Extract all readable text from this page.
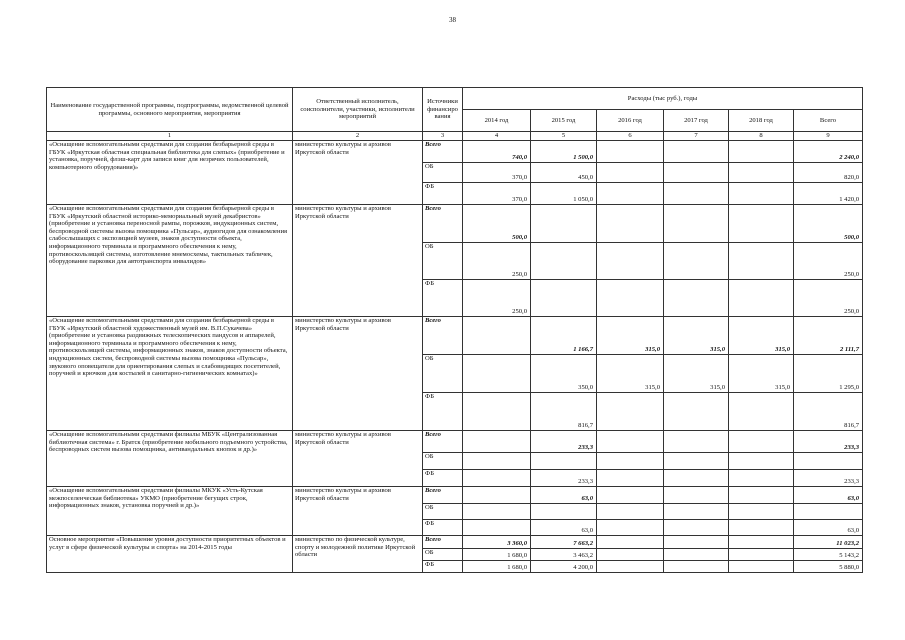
38
Наименование государственной программы, подпрограммы, ведомственной целевой программы, основного мероприятия, мероприятия	Ответственный исполнитель, соисполнители, участники, исполнители мероприятий	Источники финансиро вания	Расходы (тыс руб.), годы					
			2014 год	2015 год	2016 год	2017 год	2018 год	Всего
1	2	3	4	5	6	7	8	9
«Оснащение вспомогательными средствами для создания безбарьерной среды в ГБУК «Иркутская областная специальная библиотека для слепых» (приобретение и установка, поручней, флэш-карт для записи книг для незрячих пользователей, компьютерного оборудования)»	министерство культуры и архивов Иркутской области	Всего	740,0	1 500,0				2 240,0
		ОБ	370,0	450,0				820,0
		ФБ	370,0	1 050,0				1 420,0
«Оснащение вспомогательными средствами для создания безбарьерной среды в ГБУК «Иркутский областной историко-мемориальный музей декабристов» (приобретение и установка переносной рампы, порожков, индукционных систем, беспроводной системы вызова помощника «Пульсар», аудиогидов для ознакомления слабослышащих с экспозицией музеев, знаков доступности объекта, информационного терминала и программного обеспечения к нему, противоскользящей системы, изготовление мнемосхемы, тактильных табличек, оборудование парковки для автотранспорта инвалидов»	министерство культуры и архивов Иркутской области	Всего	500,0					500,0
		ОБ	250,0					250,0
		ФБ	250,0					250,0
«Оснащение вспомогательными средствами для создания безбарьерной среды в ГБУК «Иркутский областной художественный музей им. В.П.Сукачева» (приобретение и установка раздвижных телескопических пандусов и аппарелей, информационного терминала и программного обеспечения к нему, противоскользящей системы, информационных знаков, знаков доступности объекта, индукционных систем, беспроводной системы вызова помощника «Пульсар», звукового оповещателя для ориентирования слепых и слабовидящих посетителей, поручней и крючков для костылей в санитарно-гигиенических комнатах)»	министерство культуры и архивов Иркутской области	Всего		1 166,7	315,0	315,0	315,0	2 111,7
		ОБ		350,0	315,0	315,0	315,0	1 295,0
		ФБ		816,7				816,7
«Оснащение вспомогательными средствами филиалы МБУК «Централизованная библиотечная система» г. Братск (приобретение мобильного подъемного устройства, беспроводных систем вызова помощника, антивандальных кнопок и др.)»	министерство культуры и архивов Иркутской области	Всего		233,3				233,3
		ОБ						
		ФБ		233,3				233,3
«Оснащение вспомогательными средствами филиалы МКУК «Усть-Кутская межпоселенческая библиотека» УКМО (приобретение бегущих строк, информационных знаков, установка поручней и др.)»	министерство культуры и архивов Иркутской области	Всего		63,0				63,0
		ОБ						
		ФБ		63,0				63,0
Основное мероприятие «Повышение уровня доступности приоритетных объектов и услуг в сфере физической культуры и спорта» на 2014-2015 годы	министерство по физической культуре, спорту и молодежной политике Иркутской области	Всего	3 360,0	7 663,2				11 023,2
		ОБ	1 680,0	3 463,2				5 143,2
		ФБ	1 680,0	4 200,0				5 880,0
